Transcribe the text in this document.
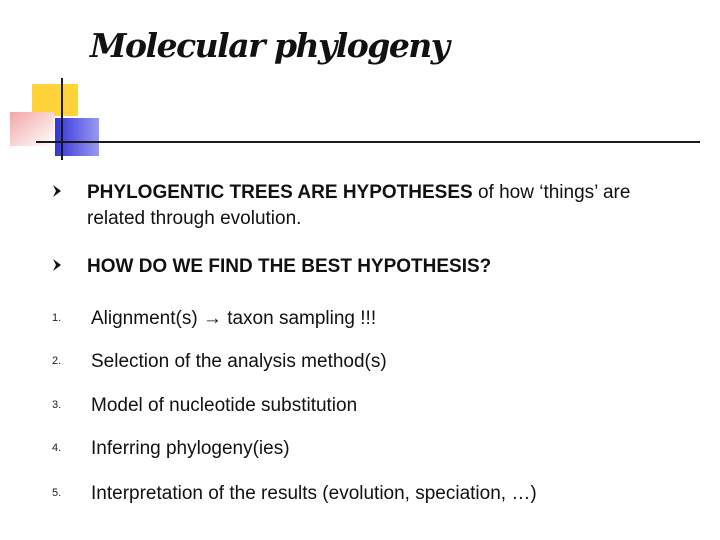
Molecular phylogeny
PHYLOGENTIC TREES ARE HYPOTHESES of how ‘things’ are
related through evolution.
HOW DO WE FIND THE BEST HYPOTHESIS?
1. Alignment(s) → taxon sampling !!!
2. Selection of the analysis method(s)
3. Model of nucleotide substitution
4. Inferring phylogeny(ies)
5. Interpretation of the results (evolution, speciation, …)
